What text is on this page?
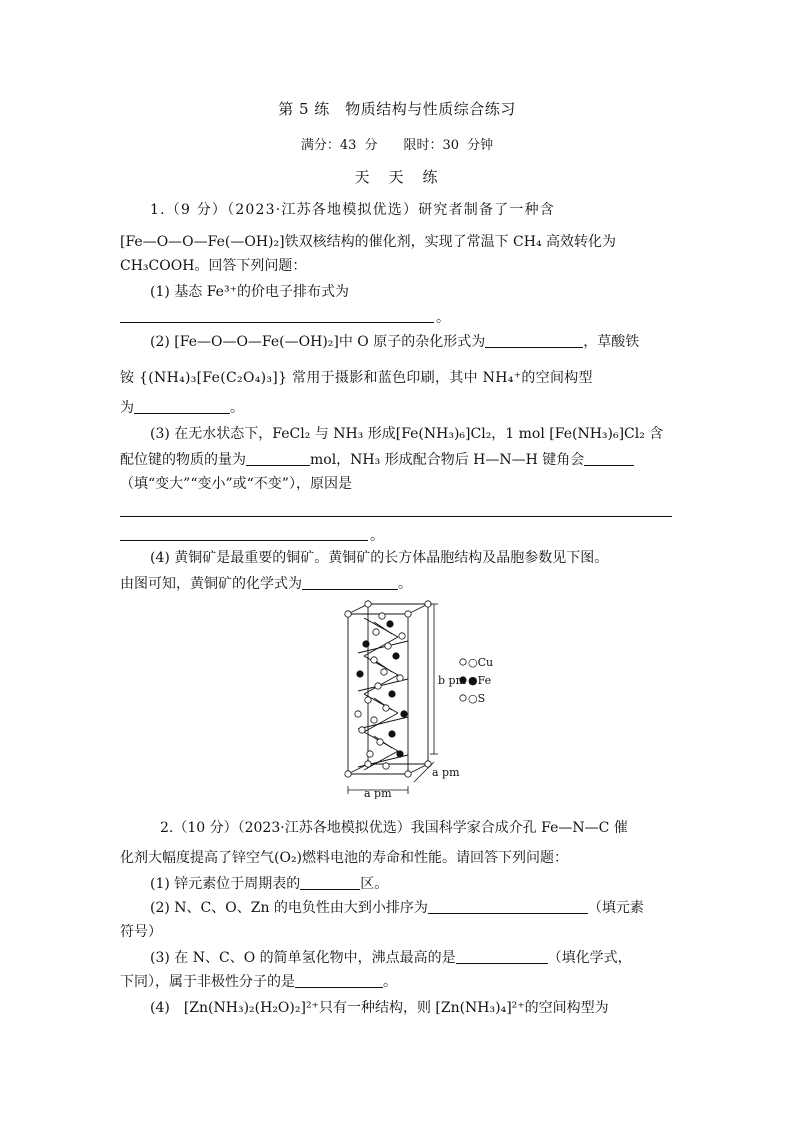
第 5 练　物质结构与性质综合练习
满分：43 分　　限时：30 分钟
天　天　练
1.（9 分）（2023·江苏各地模拟优选）研究者制备了一种含
[Fe—O—O—Fe(—OH)₂]铁双核结构的催化剂，实现了常温下 CH₄ 高效转化为
CH₃COOH。回答下列问题：
(1) 基态 Fe³⁺的价电子排布式为
。
(2) [Fe—O—O—Fe(—OH)₂]中 O 原子的杂化形式为	，草酸铁
铵 {(NH₄)₃[Fe(C₂O₄)₃]} 常用于摄影和蓝色印刷，其中 NH₄⁺的空间构型
为	。
(3) 在无水状态下，FeCl₂ 与 NH₃ 形成[Fe(NH₃)₆]Cl₂，1 mol [Fe(NH₃)₆]Cl₂ 含
配位键的物质的量为	mol，NH₃ 形成配合物后 H—N—H 键角会
（填“变大”“变小”或“不变”），原因是
。
(4) 黄铜矿是最重要的铜矿。黄铜矿的长方体晶胞结构及晶胞参数见下图。
由图可知，黄铜矿的化学式为	。
b pm
a pm
a pm
○Cu
●Fe
○S
2.（10 分）（2023·江苏各地模拟优选）我国科学家合成介孔 Fe—N—C 催
化剂大幅度提高了锌空气(O₂)燃料电池的寿命和性能。请回答下列问题：
(1) 锌元素位于周期表的	区。
(2) N、C、O、Zn 的电负性由大到小排序为	（填元素
符号）
(3) 在 N、C、O 的简单氢化物中，沸点最高的是	（填化学式，
下同），属于非极性分子的是	。
(4)　[Zn(NH₃)₂(H₂O)₂]²⁺只有一种结构，则 [Zn(NH₃)₄]²⁺的空间构型为
